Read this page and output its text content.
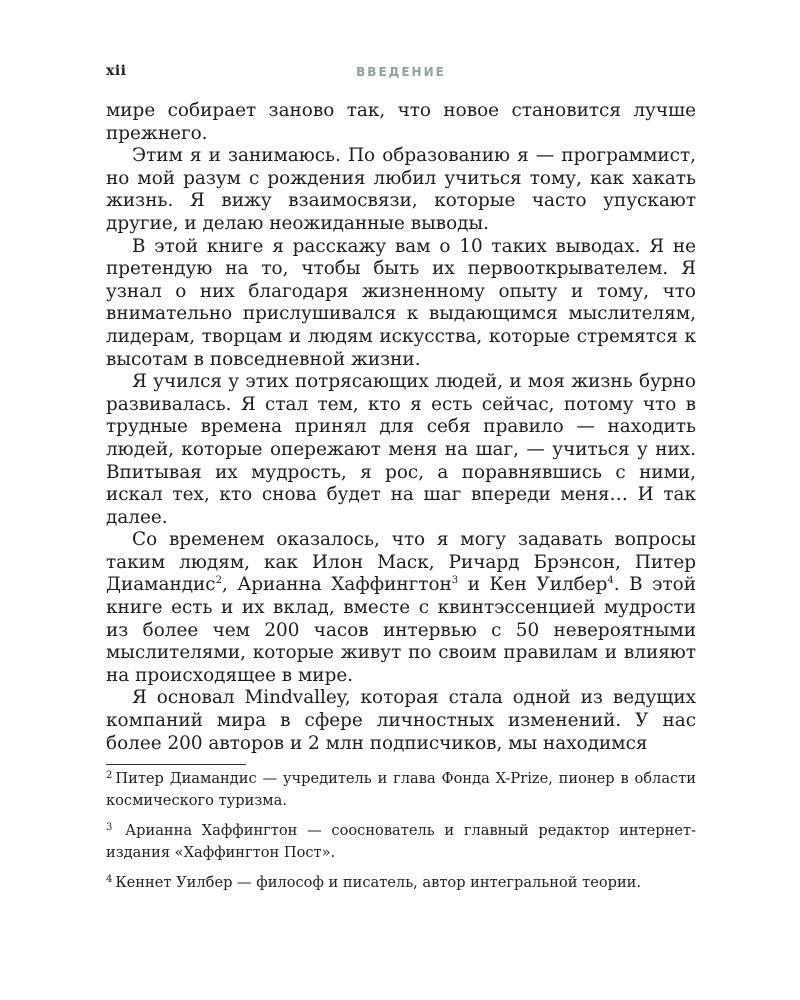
xii	ВВЕДЕНИЕ

мире собирает заново так, что новое становится лучше прежнего.

Этим я и занимаюсь. По образованию я — программист, но мой разум с рождения любил учиться тому, как хакать жизнь. Я вижу взаимосвязи, которые часто упускают другие, и делаю неожиданные выводы.

В этой книге я расскажу вам о 10 таких выводах. Я не претендую на то, чтобы быть их первооткрывателем. Я узнал о них благодаря жизненному опыту и тому, что внимательно прислушивался к выдающимся мыслителям, лидерам, творцам и людям искусства, которые стремятся к высотам в повседневной жизни.

Я учился у этих потрясающих людей, и моя жизнь бурно развивалась. Я стал тем, кто я есть сейчас, потому что в трудные времена принял для себя правило — находить людей, которые опережают меня на шаг, — учиться у них. Впитывая их мудрость, я рос, а поравнявшись с ними, искал тех, кто снова будет на шаг впереди меня… И так далее.

Со временем оказалось, что я могу задавать вопросы таким людям, как Илон Маск, Ричард Брэнсон, Питер Диамандис$^2$, Арианна Хаффингтон$^3$ и Кен Уилбер$^4$. В этой книге есть и их вклад, вместе с квинтэссенцией мудрости из более чем 200 часов интервью с 50 невероятными мыслителями, которые живут по своим правилам и влияют на происходящее в мире.

Я основал Mindvalley, которая стала одной из ведущих компаний мира в сфере личностных изменений. У нас более 200 авторов и 2 млн подписчиков, мы находимся

$^2$ Питер Диамандис — учредитель и глава Фонда X-Prize, пионер в области космического туризма.

$^3$ Арианна Хаффингтон — сооснователь и главный редактор интернет-издания «Хаффингтон Пост».

$^4$ Кеннет Уилбер — философ и писатель, автор интегральной теории.
